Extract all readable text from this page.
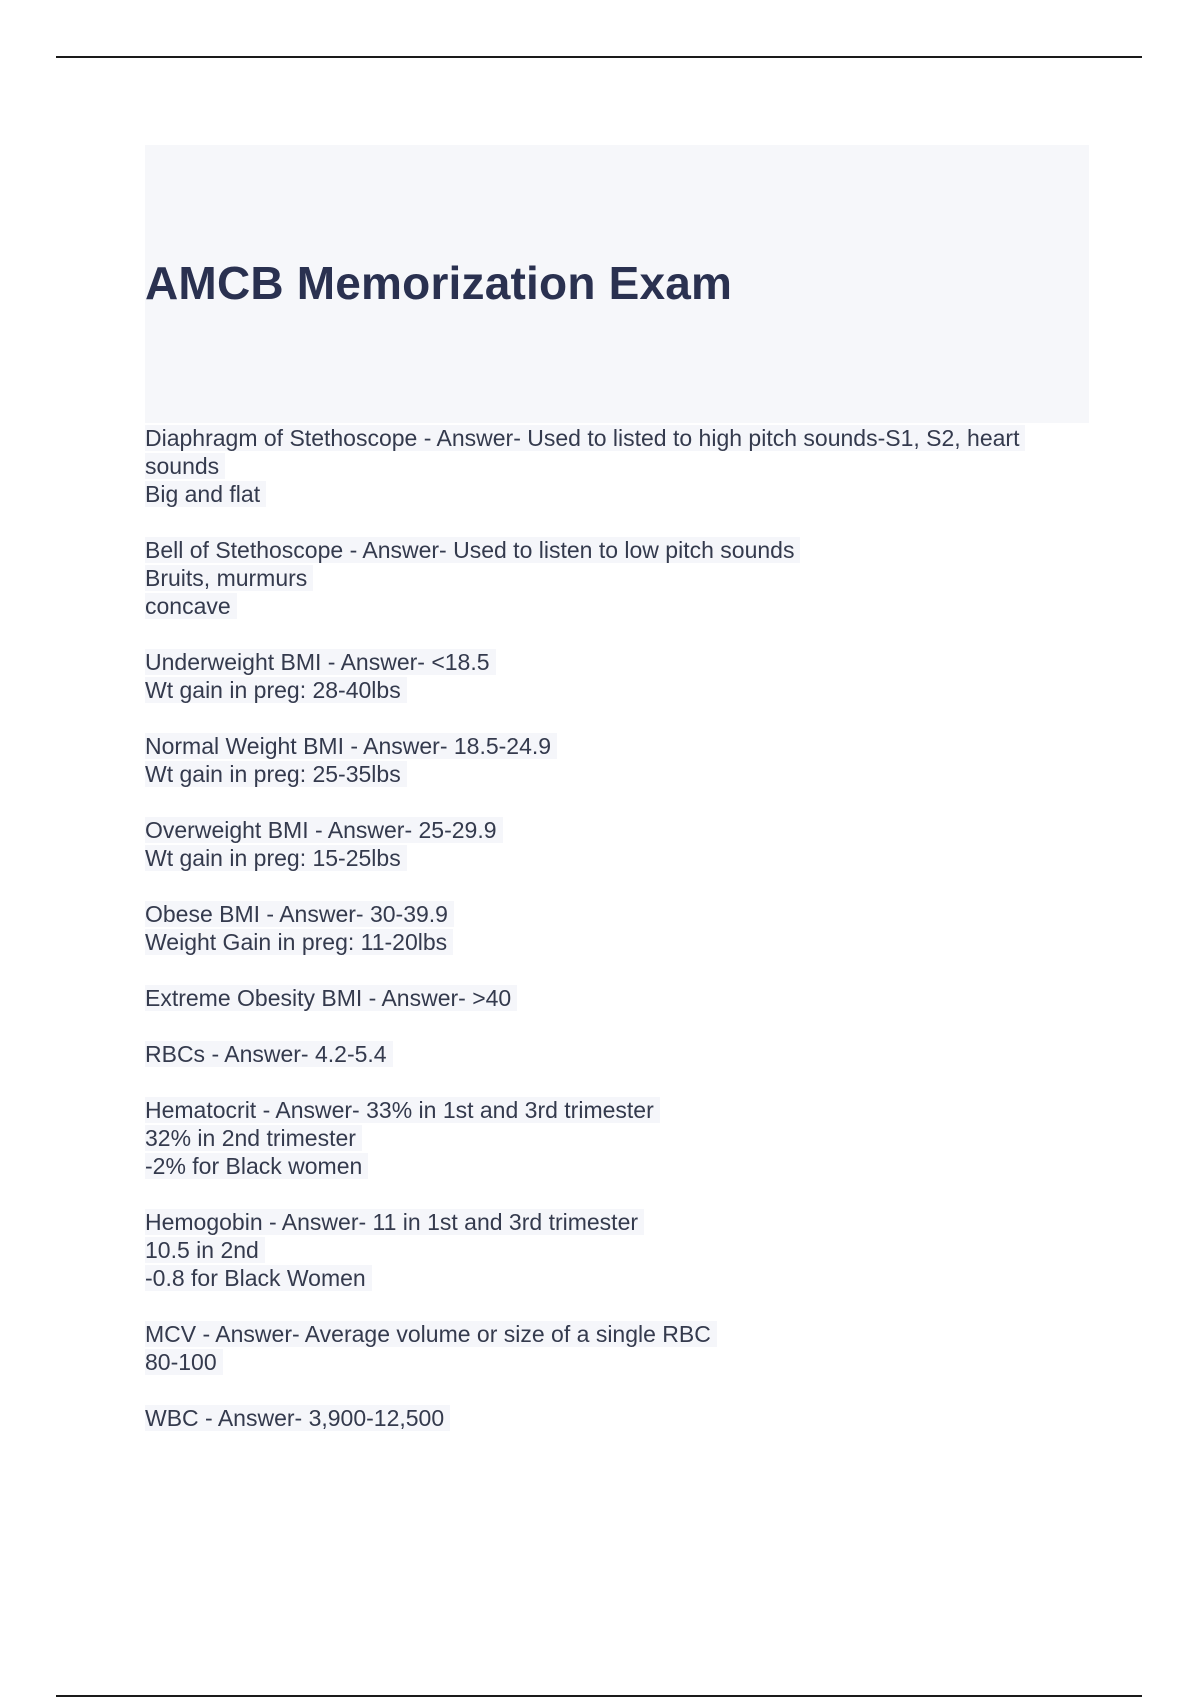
AMCB Memorization Exam
Diaphragm of Stethoscope - Answer- Used to listed to high pitch sounds-S1, S2, heart
sounds
Big and flat
Bell of Stethoscope - Answer- Used to listen to low pitch sounds
Bruits, murmurs
concave
Underweight BMI - Answer- <18.5
Wt gain in preg: 28-40lbs
Normal Weight BMI - Answer- 18.5-24.9
Wt gain in preg: 25-35lbs
Overweight BMI - Answer- 25-29.9
Wt gain in preg: 15-25lbs
Obese BMI - Answer- 30-39.9
Weight Gain in preg: 11-20lbs
Extreme Obesity BMI - Answer- >40
RBCs - Answer- 4.2-5.4
Hematocrit - Answer- 33% in 1st and 3rd trimester
32% in 2nd trimester
-2% for Black women
Hemogobin - Answer- 11 in 1st and 3rd trimester
10.5 in 2nd
-0.8 for Black Women
MCV - Answer- Average volume or size of a single RBC
80-100
WBC - Answer- 3,900-12,500
